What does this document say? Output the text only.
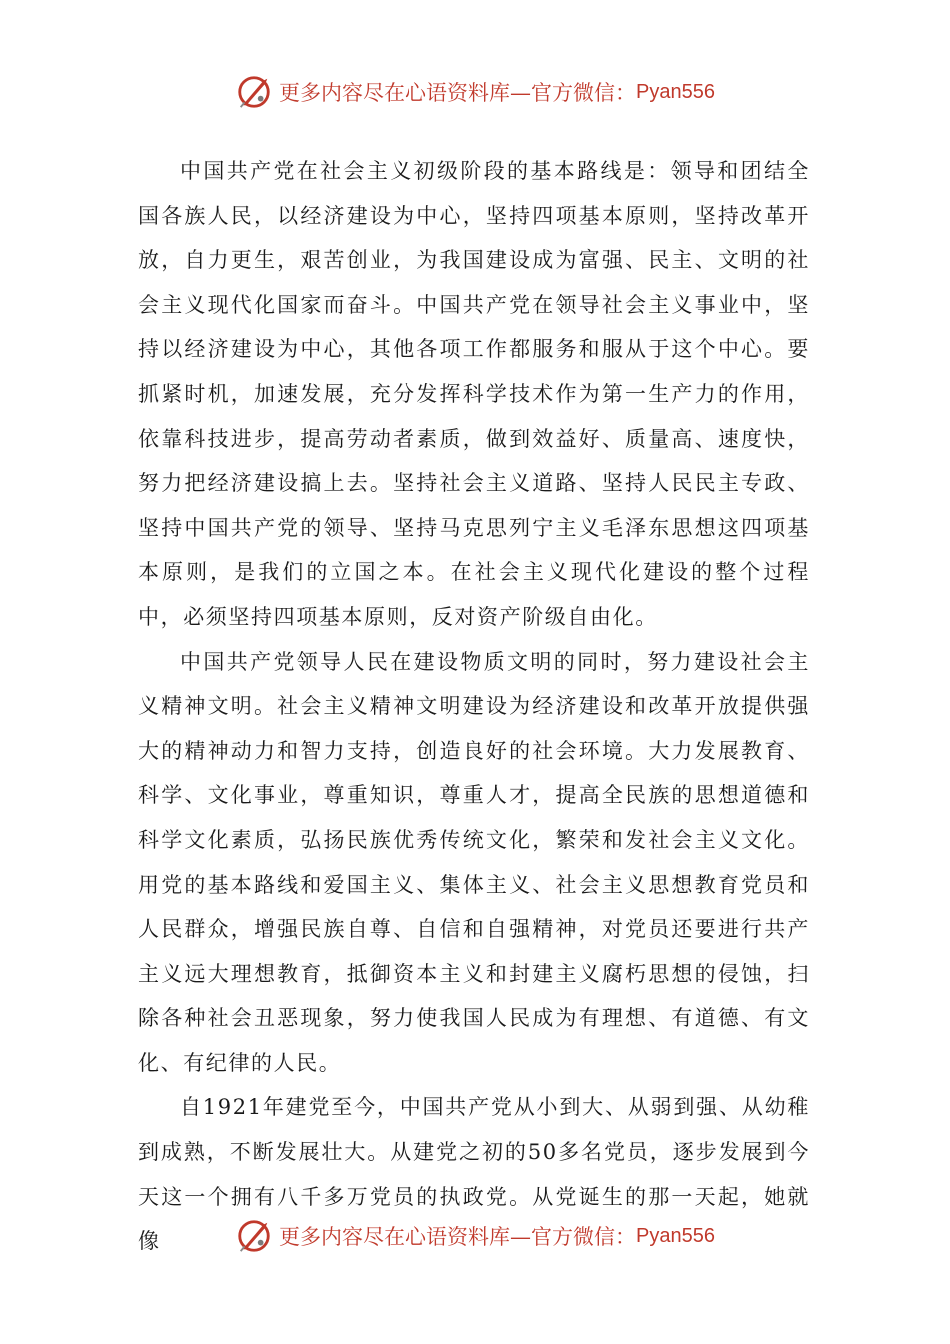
更多内容尽在心语资料库—官方微信： Pyan556

中国共产党在社会主义初级阶段的基本路线是：领导和团结全国各族人民，以经济建设为中心，坚持四项基本原则，坚持改革开放，自力更生，艰苦创业，为我国建设成为富强、民主、文明的社会主义现代化国家而奋斗。中国共产党在领导社会主义事业中，坚持以经济建设为中心，其他各项工作都服务和服从于这个中心。要抓紧时机，加速发展，充分发挥科学技术作为第一生产力的作用，依靠科技进步，提高劳动者素质，做到效益好、质量高、速度快，努力把经济建设搞上去。坚持社会主义道路、坚持人民民主专政、坚持中国共产党的领导、坚持马克思列宁主义毛泽东思想这四项基本原则，是我们的立国之本。在社会主义现代化建设的整个过程中，必须坚持四项基本原则，反对资产阶级自由化。

中国共产党领导人民在建设物质文明的同时，努力建设社会主义精神文明。社会主义精神文明建设为经济建设和改革开放提供强大的精神动力和智力支持，创造良好的社会环境。大力发展教育、科学、文化事业，尊重知识，尊重人才，提高全民族的思想道德和科学文化素质，弘扬民族优秀传统文化，繁荣和发社会主义文化。用党的基本路线和爱国主义、集体主义、社会主义思想教育党员和人民群众，增强民族自尊、自信和自强精神，对党员还要进行共产主义远大理想教育，抵御资本主义和封建主义腐朽思想的侵蚀，扫除各种社会丑恶现象，努力使我国人民成为有理想、有道德、有文化、有纪律的人民。

自1921年建党至今，中国共产党从小到大、从弱到强、从幼稚到成熟，不断发展壮大。从建党之初的50多名党员，逐步发展到今天这一个拥有八千多万党员的执政党。从党诞生的那一天起，她就像	更多内容尽在心语资料库—官方微信： Pyan556
